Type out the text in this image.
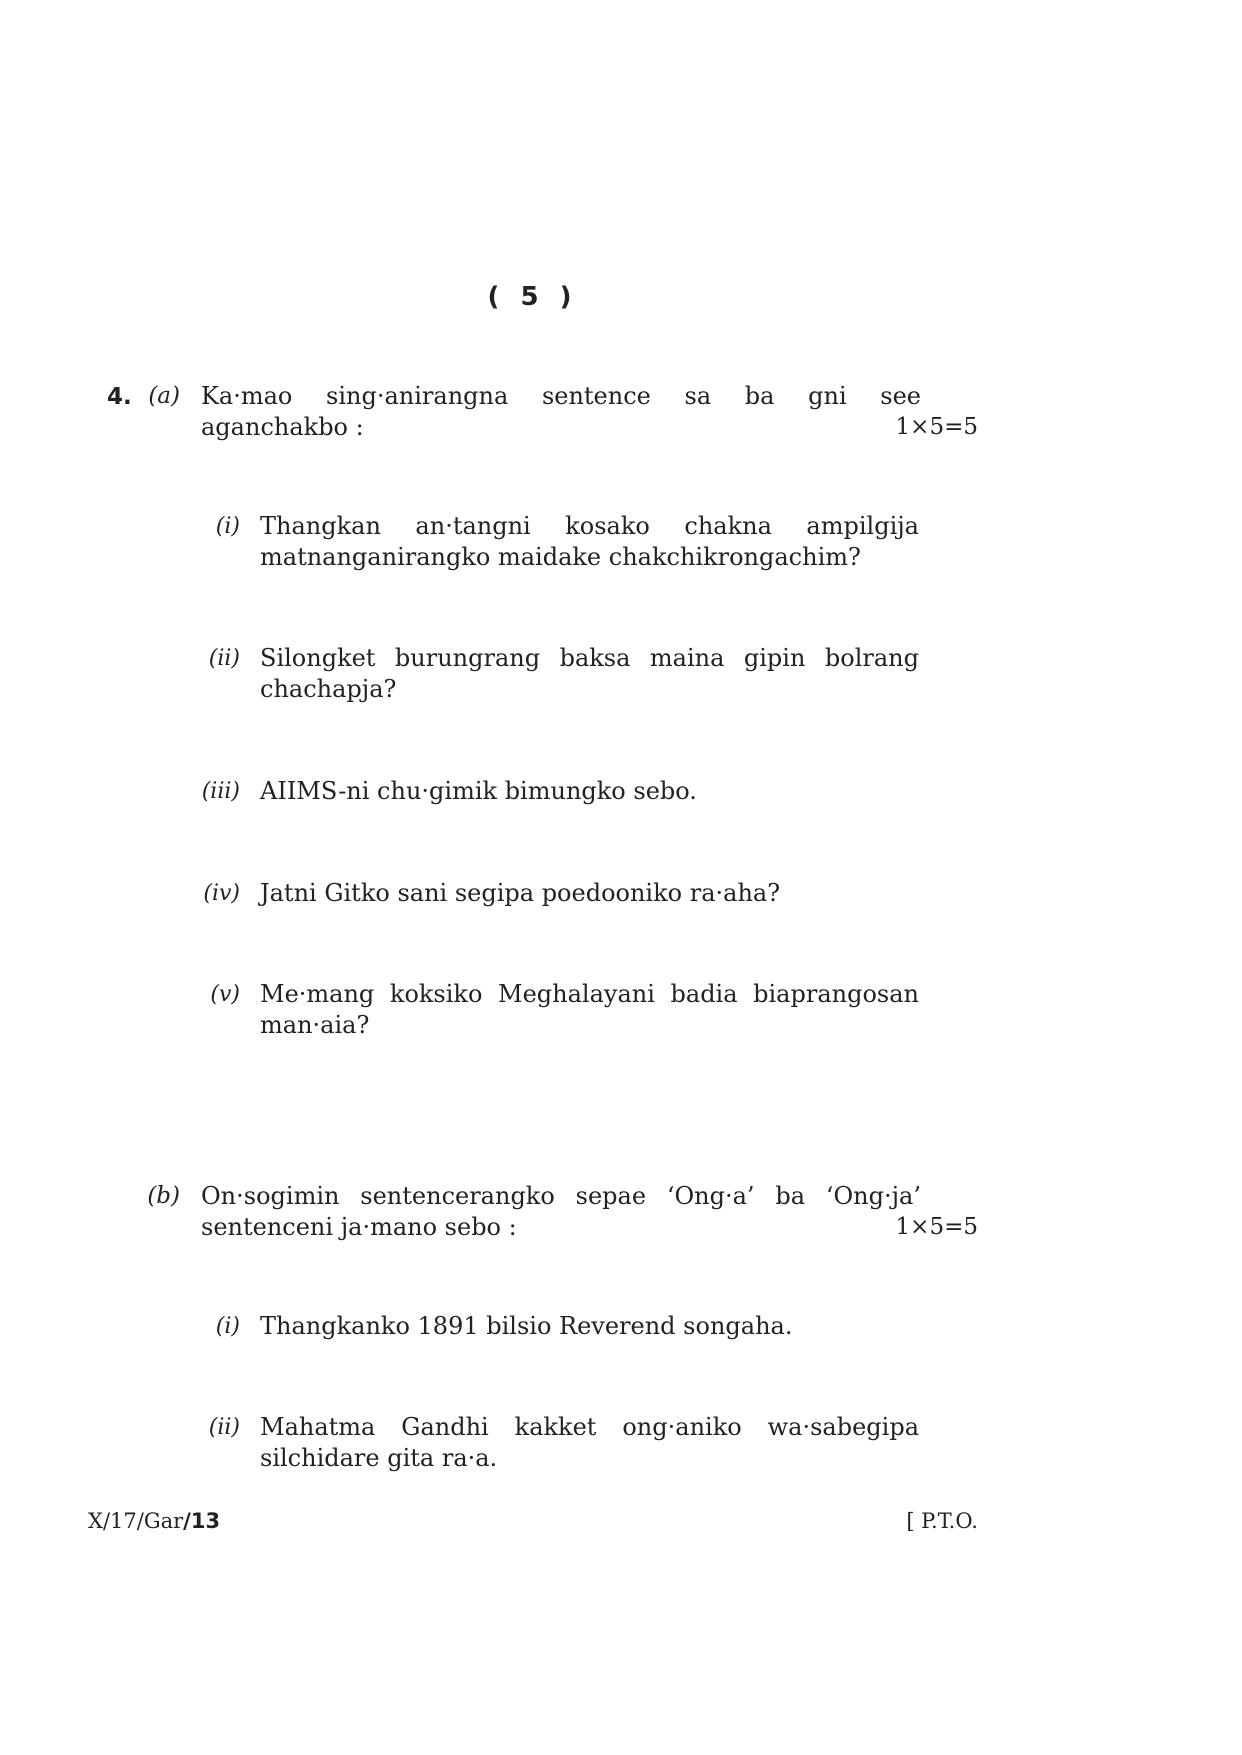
( 5 )
4. (a) Ka·mao sing·anirangna sentence sa ba gni see
aganchakbo :	1×5=5
(i) Thangkan an·tangni kosako chakna ampilgija
matnanganirangko maidake chakchikrongachim?
(ii) Silongket burungrang baksa maina gipin bolrang
chachapja?
(iii) AIIMS-ni chu·gimik bimungko sebo.
(iv) Jatni Gitko sani segipa poedooniko ra·aha?
(v) Me·mang koksiko Meghalayani badia biaprangosan
man·aia?
(b) On·sogimin sentencerangko sepae ‘Ong·a’ ba ‘Ong·ja’
sentenceni ja·mano sebo :	1×5=5
(i) Thangkanko 1891 bilsio Reverend songaha.
(ii) Mahatma Gandhi kakket ong·aniko wa·sabegipa
silchidare gita ra·a.
X/17/Gar/13	[ P.T.O.
